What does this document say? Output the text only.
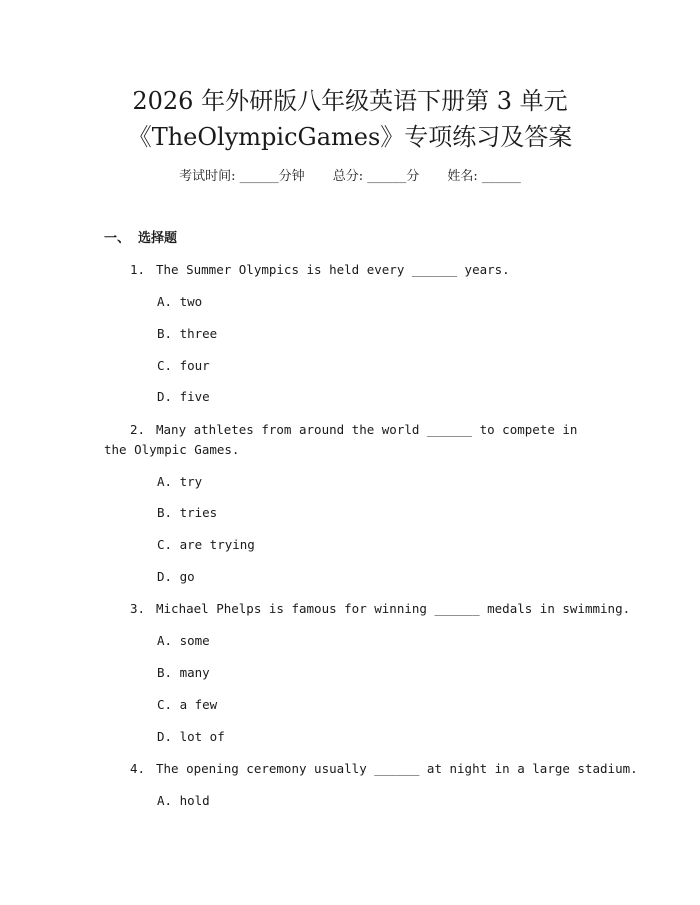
2026 年外研版八年级英语下册第 3 单元
《TheOlympicGames》专项练习及答案
考试时间: ______分钟 总分: ______分 姓名: ______
一、 选择题
1. The Summer Olympics is held every ______ years.
A. two
B. three
C. four
D. five
2. Many athletes from around the world ______ to compete in the Olympic Games.
A. try
B. tries
C. are trying
D. go
3. Michael Phelps is famous for winning ______ medals in swimming.
A. some
B. many
C. a few
D. lot of
4. The opening ceremony usually ______ at night in a large stadium.
A. hold
